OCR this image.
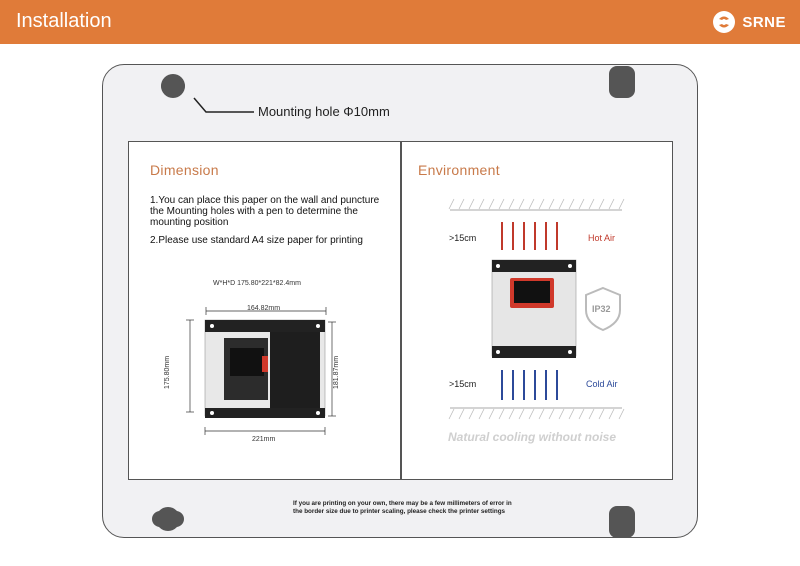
Installation	SRNE
Mounting hole Φ10mm
Dimension
1.You can place this paper on the wall and puncture the Mounting holes with a pen to determine the mounting position
2.Please use standard A4 size paper for printing
W*H*D 175.80*221*82.4mm
164.82mm
221mm
175.80mm	181.87mm
Environment
IP32
>15cm	Hot Air
>15cm	Cold Air
Natural cooling without noise
If you are printing on your own, there may be a few millimeters of error in the border size due to printer scaling, please check the printer settings
